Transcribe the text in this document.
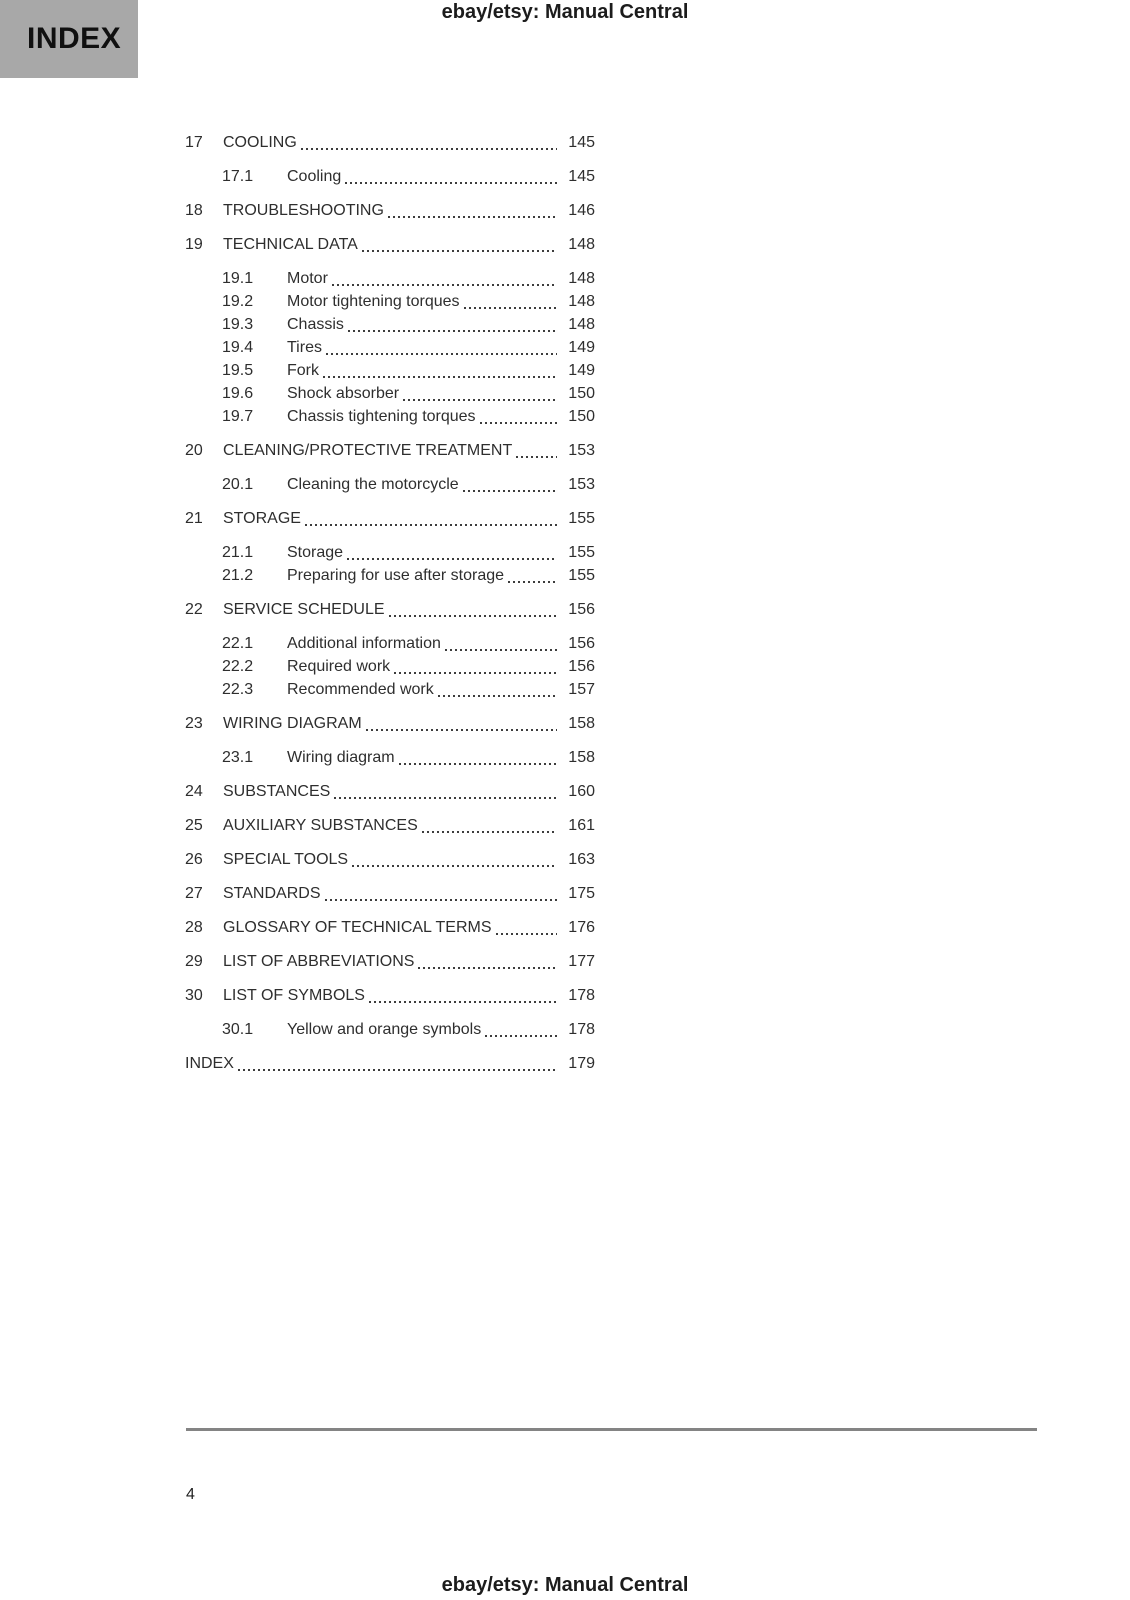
INDEX
ebay/etsy: Manual Central
17	COOLING	145
17.1	Cooling	145
18	TROUBLESHOOTING	146
19	TECHNICAL DATA	148
19.1	Motor	148
19.2	Motor tightening torques	148
19.3	Chassis	148
19.4	Tires	149
19.5	Fork	149
19.6	Shock absorber	150
19.7	Chassis tightening torques	150
20	CLEANING/PROTECTIVE TREATMENT	153
20.1	Cleaning the motorcycle	153
21	STORAGE	155
21.1	Storage	155
21.2	Preparing for use after storage	155
22	SERVICE SCHEDULE	156
22.1	Additional information	156
22.2	Required work	156
22.3	Recommended work	157
23	WIRING DIAGRAM	158
23.1	Wiring diagram	158
24	SUBSTANCES	160
25	AUXILIARY SUBSTANCES	161
26	SPECIAL TOOLS	163
27	STANDARDS	175
28	GLOSSARY OF TECHNICAL TERMS	176
29	LIST OF ABBREVIATIONS	177
30	LIST OF SYMBOLS	178
30.1	Yellow and orange symbols	178
INDEX	179
4
ebay/etsy: Manual Central
